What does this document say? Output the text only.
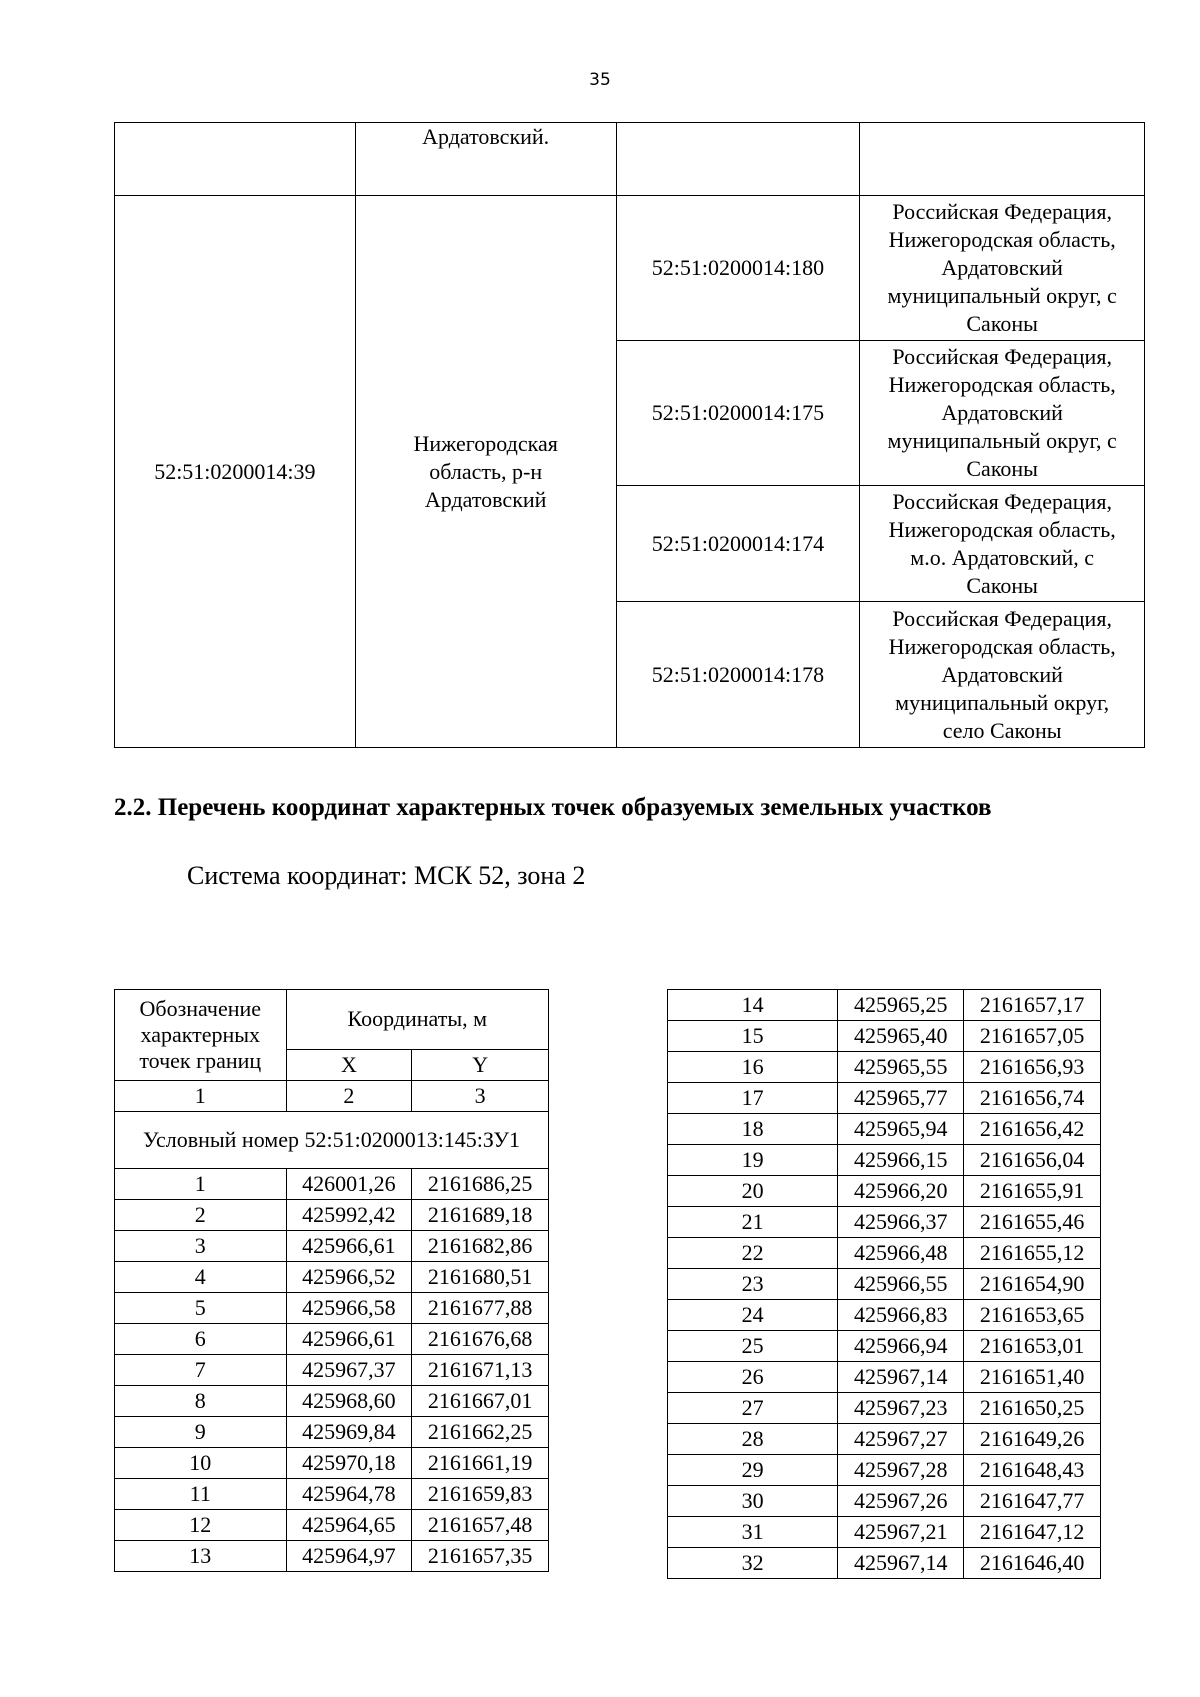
35
	Ардатовский.		
52:51:0200014:39	Нижегородская область, р-н Ардатовский	52:51:0200014:180	Российская Федерация, Нижегородская область, Ардатовский муниципальный округ, с Саконы
		52:51:0200014:175	Российская Федерация, Нижегородская область, Ардатовский муниципальный округ, с Саконы
		52:51:0200014:174	Российская Федерация, Нижегородская область, м.о. Ардатовский, с Саконы
		52:51:0200014:178	Российская Федерация, Нижегородская область, Ардатовский муниципальный округ, село Саконы
2.2. Перечень координат характерных точек образуемых земельных участков
Система координат: МСК 52, зона 2
Обозначение характерных точек границ	Координаты, м	
	X	Y
1	2	3
Условный номер 52:51:0200013:145:ЗУ1		
1	426001,26	2161686,25
2	425992,42	2161689,18
3	425966,61	2161682,86
4	425966,52	2161680,51
5	425966,58	2161677,88
6	425966,61	2161676,68
7	425967,37	2161671,13
8	425968,60	2161667,01
9	425969,84	2161662,25
10	425970,18	2161661,19
11	425964,78	2161659,83
12	425964,65	2161657,48
13	425964,97	2161657,35
14	425965,25	2161657,17
15	425965,40	2161657,05
16	425965,55	2161656,93
17	425965,77	2161656,74
18	425965,94	2161656,42
19	425966,15	2161656,04
20	425966,20	2161655,91
21	425966,37	2161655,46
22	425966,48	2161655,12
23	425966,55	2161654,90
24	425966,83	2161653,65
25	425966,94	2161653,01
26	425967,14	2161651,40
27	425967,23	2161650,25
28	425967,27	2161649,26
29	425967,28	2161648,43
30	425967,26	2161647,77
31	425967,21	2161647,12
32	425967,14	2161646,40
